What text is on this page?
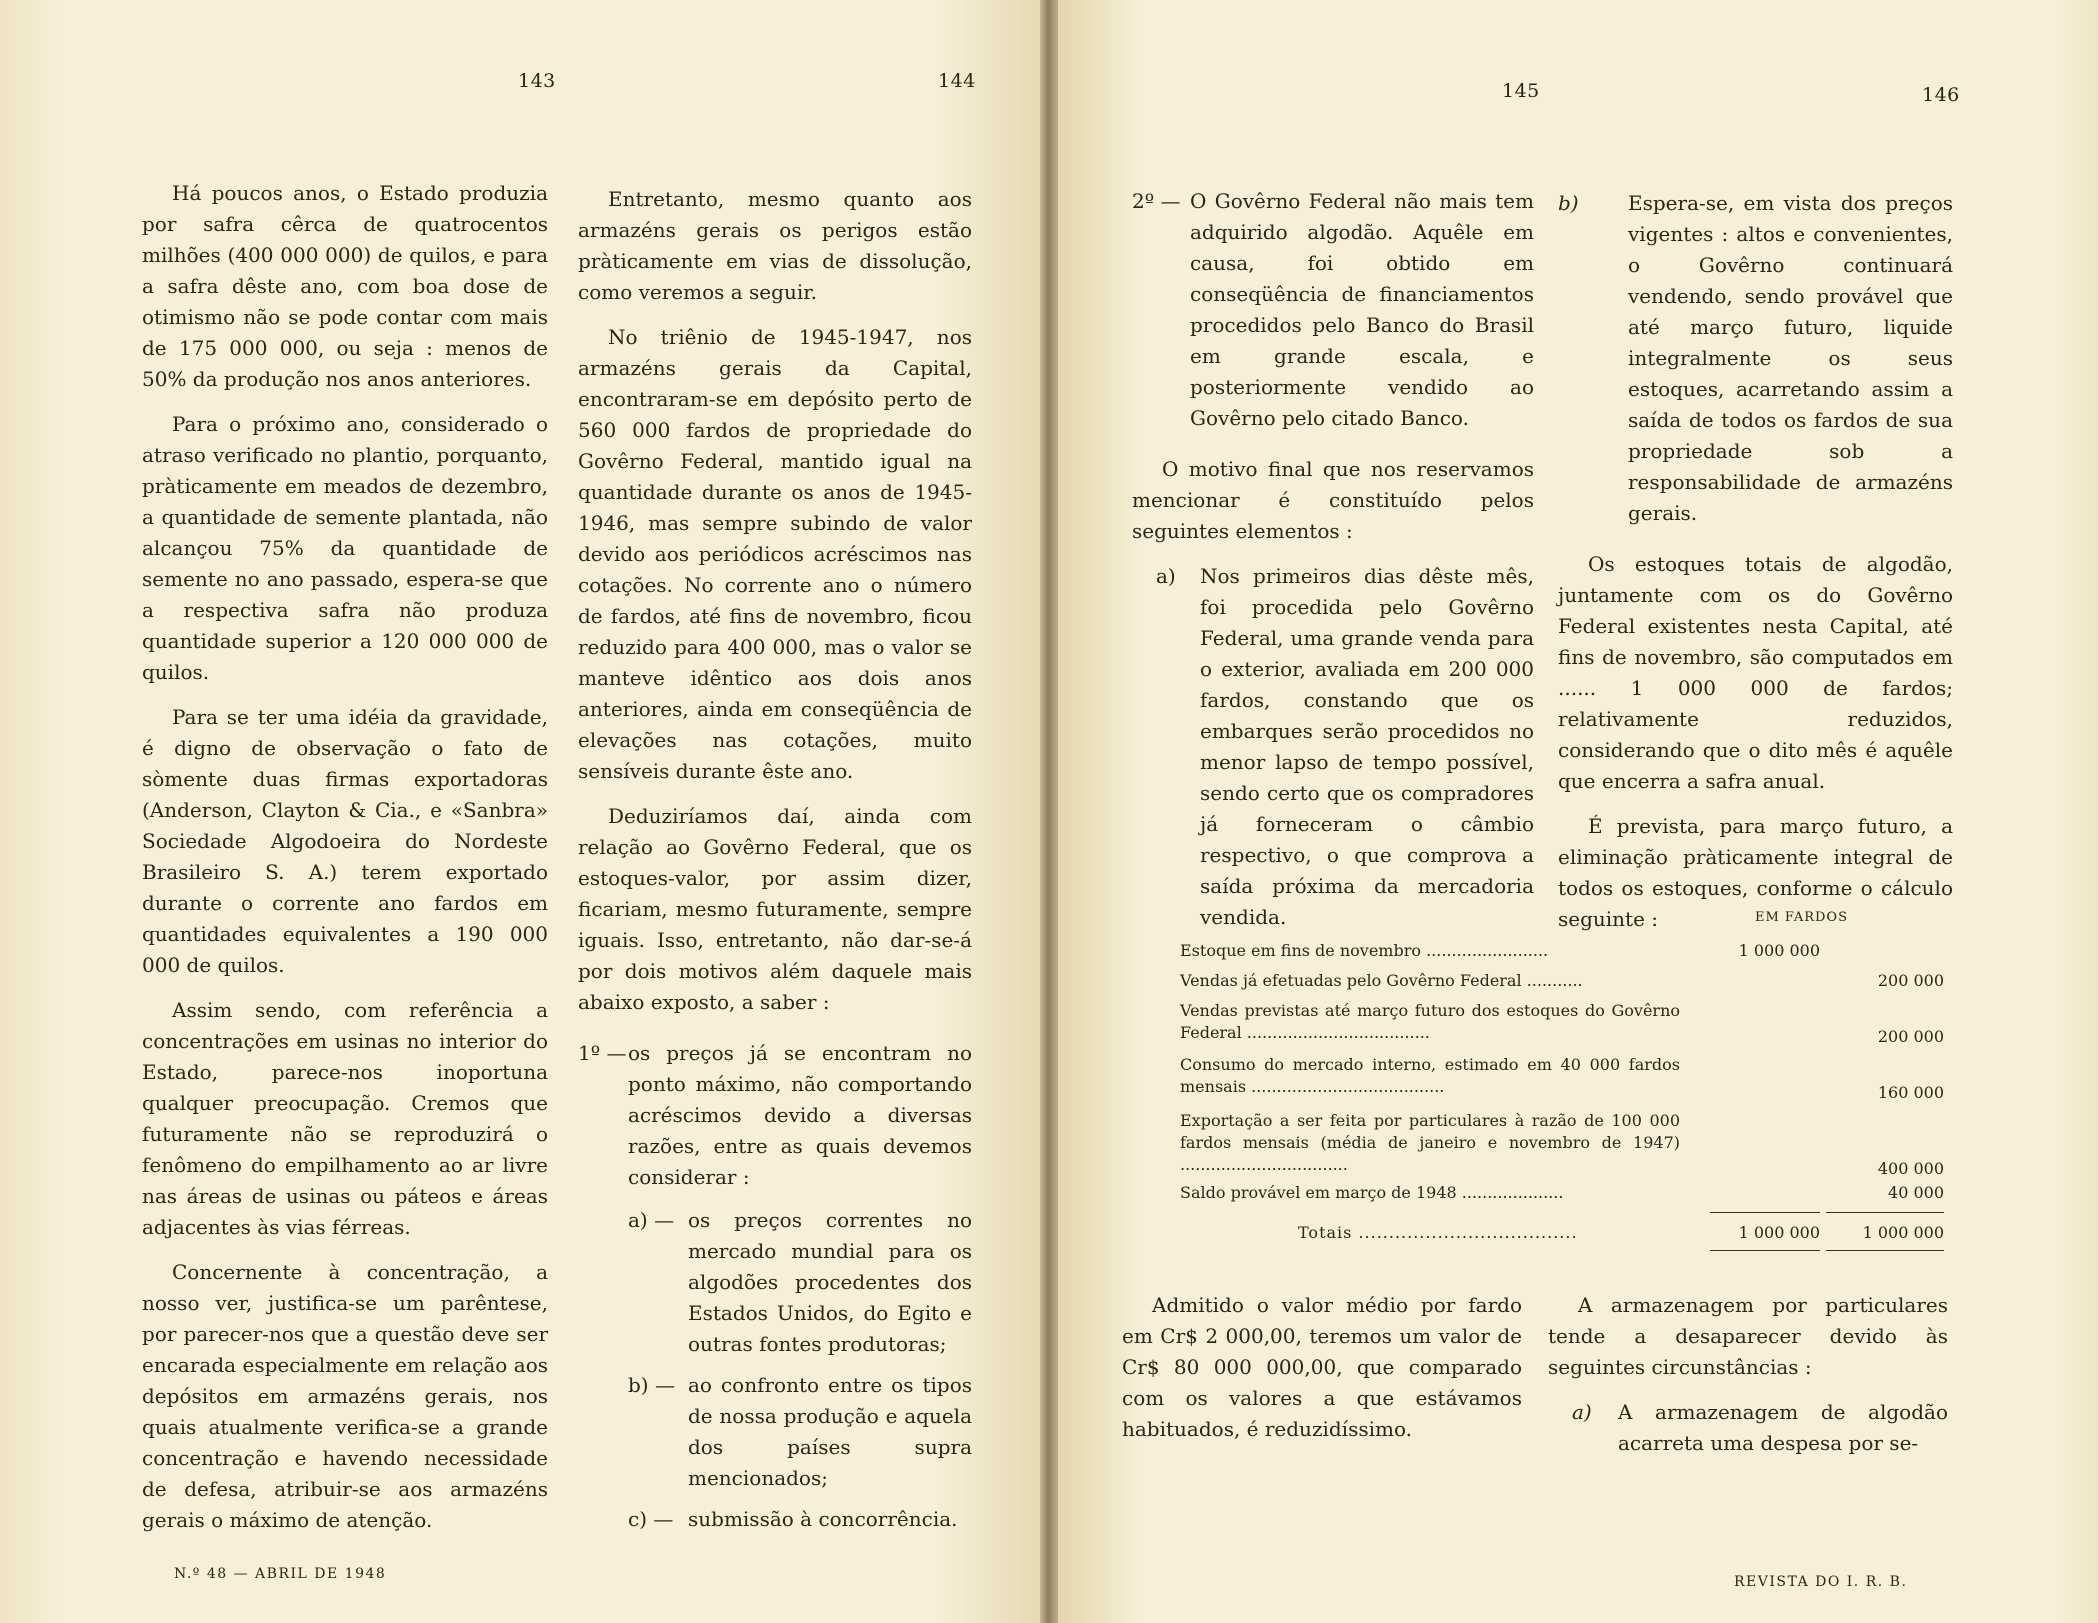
143	144	145	146

Há poucos anos, o Estado produzia por safra cêrca de quatrocentos milhões (400 000 000) de quilos, e para a safra dêste ano, com boa dose de otimismo não se pode contar com mais de 175 000 000, ou seja : menos de 50% da produção nos anos anteriores.

Para o próximo ano, considerado o atraso verificado no plantio, porquanto, pràticamente em meados de dezembro, a quantidade de semente plantada, não alcançou 75% da quantidade de semente no ano passado, espera-se que a respectiva safra não produza quantidade superior a 120 000 000 de quilos.

Para se ter uma idéia da gravidade, é digno de observação o fato de sòmente duas firmas exportadoras (Anderson, Clayton & Cia., e «Sanbra» Sociedade Algodoeira do Nordeste Brasileiro S. A.) terem exportado durante o corrente ano fardos em quantidades equivalentes a 190 000 000 de quilos.

Assim sendo, com referência a concentrações em usinas no interior do Estado, parece-nos inoportuna qualquer preocupação. Cremos que futuramente não se reproduzirá o fenômeno do empilhamento ao ar livre nas áreas de usinas ou páteos e áreas adjacentes às vias férreas.

Concernente à concentração, a nosso ver, justifica-se um parêntese, por parecer-nos que a questão deve ser encarada especialmente em relação aos depósitos em armazéns gerais, nos quais atualmente verifica-se a grande concentração e havendo necessidade de defesa, atribuir-se aos armazéns gerais o máximo de atenção.

Entretanto, mesmo quanto aos armazéns gerais os perigos estão pràticamente em vias de dissolução, como veremos a seguir.

No triênio de 1945-1947, nos armazéns gerais da Capital, encontraram-se em depósito perto de 560 000 fardos de propriedade do Govêrno Federal, mantido igual na quantidade durante os anos de 1945-1946, mas sempre subindo de valor devido aos periódicos acréscimos nas cotações. No corrente ano o número de fardos, até fins de novembro, ficou reduzido para 400 000, mas o valor se manteve idêntico aos dois anos anteriores, ainda em conseqüência de elevações nas cotações, muito sensíveis durante êste ano.

Deduziríamos daí, ainda com relação ao Govêrno Federal, que os estoques-valor, por assim dizer, ficariam, mesmo futuramente, sempre iguais. Isso, entretanto, não dar-se-á por dois motivos além daquele mais abaixo exposto, a saber :

1º — os preços já se encontram no ponto máximo, não comportando acréscimos devido a diversas razões, entre as quais devemos considerar :
a) — os preços correntes no mercado mundial para os algodões procedentes dos Estados Unidos, do Egito e outras fontes produtoras;
b) — ao confronto entre os tipos de nossa produção e aquela dos países supra mencionados;
c) — submissão à concorrência.
2º — O Govêrno Federal não mais tem adquirido algodão. Aquêle em causa, foi obtido em conseqüência de financiamentos procedidos pelo Banco do Brasil em grande escala, e posteriormente vendido ao Govêrno pelo citado Banco.

O motivo final que nos reservamos mencionar é constituído pelos seguintes elementos :

a)	Nos primeiros dias dêste mês, foi procedida pelo Govêrno Federal, uma grande venda para o exterior, avaliada em 200 000 fardos, constando que os embarques serão procedidos no menor lapso de tempo possível, sendo certo que os compradores já forneceram o câmbio respectivo, o que comprova a saída próxima da mercadoria vendida.
b)	Espera-se, em vista dos preços vigentes : altos e convenientes, o Govêrno continuará vendendo, sendo provável que até março futuro, liquide integralmente os seus estoques, acarretando assim a saída de todos os fardos de sua propriedade sob a responsabilidade de armazéns gerais.

Os estoques totais de algodão, juntamente com os do Govêrno Federal existentes nesta Capital, até fins de novembro, são computados em ...... 1 000 000 de fardos; relativamente reduzidos, considerando que o dito mês é aquêle que encerra a safra anual.

É prevista, para março futuro, a eliminação pràticamente integral de todos os estoques, conforme o cálculo seguinte :	EM FARDOS
Estoque em fins de novembro ........................	1 000 000
Vendas já efetuadas pelo Govêrno Federal ...........	200 000
Vendas previstas até março futuro dos estoques do Govêrno Federal ....................................	200 000
Consumo do mercado interno, estimado em 40 000 fardos mensais ......................................	160 000
Exportação a ser feita por particulares à razão de 100 000 fardos mensais (média de janeiro e novembro de 1947) .................................	400 000
Saldo provável em março de 1948 ....................	40 000
Totais ....................................	1 000 000	1 000 000

Admitido o valor médio por fardo em Cr$ 2 000,00, teremos um valor de Cr$ 80 000 000,00, que comparado com os valores a que estávamos habituados, é reduzidíssimo.

A armazenagem por particulares tende a desaparecer devido às seguintes circunstâncias :

a)	A armazenagem de algodão acarreta uma despesa por se-
N.º 48 — ABRIL DE 1948	REVISTA DO I. R. B.
